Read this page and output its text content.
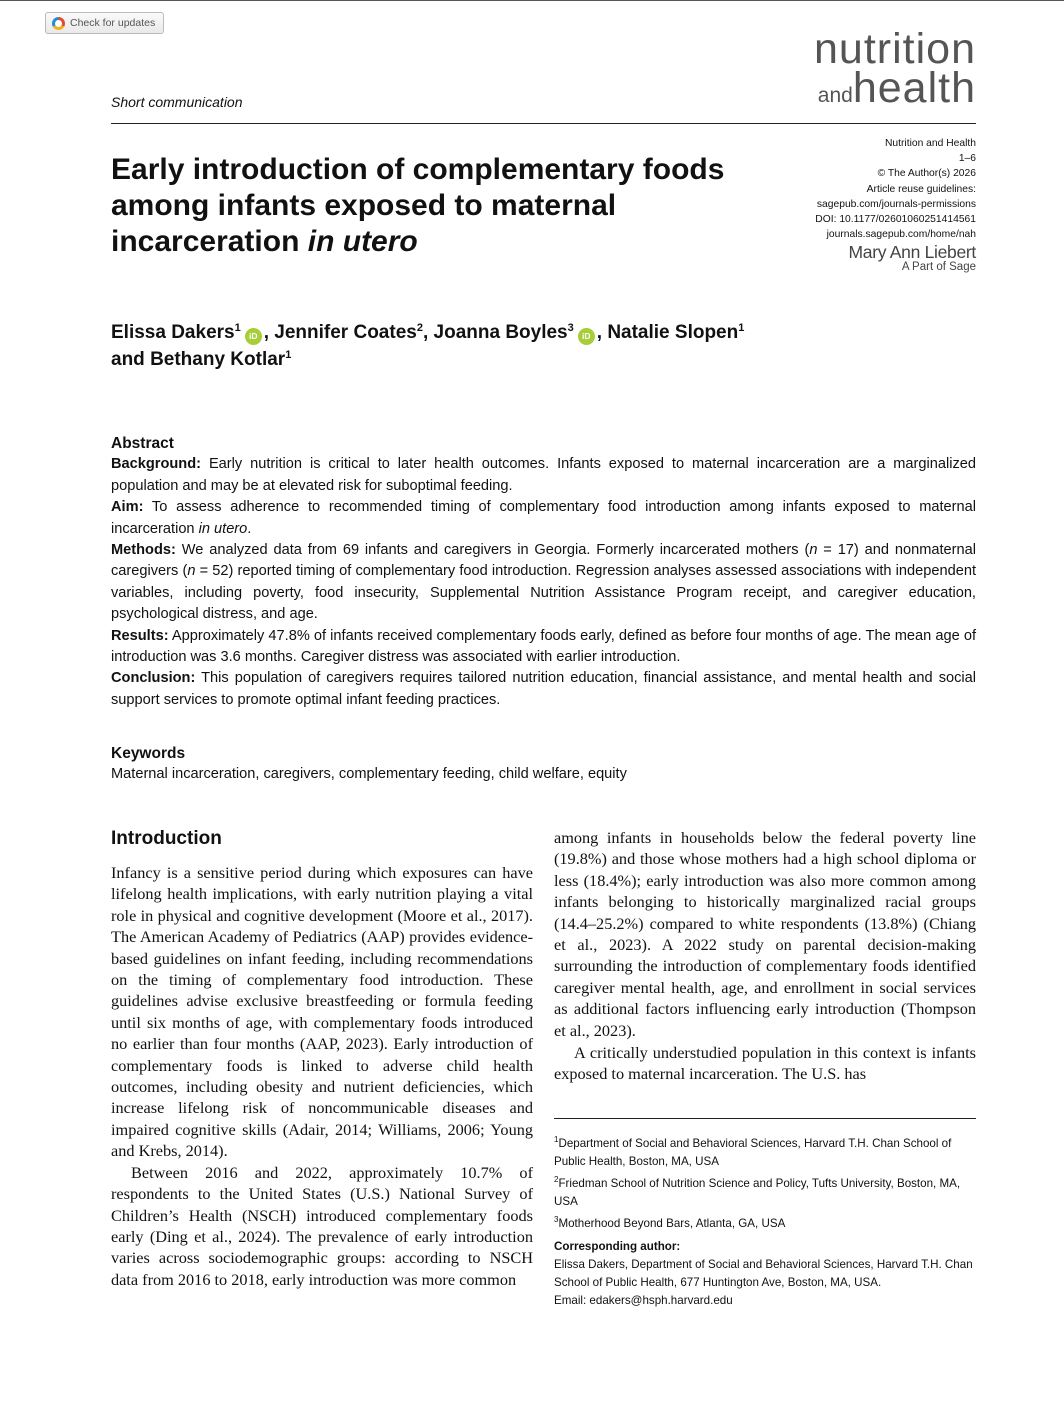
Check for updates
Short communication
nutrition
andhealth
Early introduction of complementary foods among infants exposed to maternal incarceration in utero
Nutrition and Health
1–6
© The Author(s) 2026
Article reuse guidelines:
sagepub.com/journals-permissions
DOI: 10.1177/02601060251414561
journals.sagepub.com/home/nah
Mary Ann Liebert
A Part of Sage
Elissa Dakers$^1$iD , Jennifer Coates$^2$, Joanna Boyles$^3$iD , Natalie Slopen$^1$
and Bethany Kotlar$^1$
Abstract

Background: Early nutrition is critical to later health outcomes. Infants exposed to maternal incarceration are a marginalized population and may be at elevated risk for suboptimal feeding.

Aim: To assess adherence to recommended timing of complementary food introduction among infants exposed to maternal incarceration in utero.

Methods: We analyzed data from 69 infants and caregivers in Georgia. Formerly incarcerated mothers (n = 17) and nonmaternal caregivers (n = 52) reported timing of complementary food introduction. Regression analyses assessed associations with independent variables, including poverty, food insecurity, Supplemental Nutrition Assistance Program receipt, and caregiver education, psychological distress, and age.

Results: Approximately 47.8% of infants received complementary foods early, defined as before four months of age. The mean age of introduction was 3.6 months. Caregiver distress was associated with earlier introduction.

Conclusion: This population of caregivers requires tailored nutrition education, financial assistance, and mental health and social support services to promote optimal infant feeding practices.

Keywords
Maternal incarceration, caregivers, complementary feeding, child welfare, equity
Introduction

Infancy is a sensitive period during which exposures can have lifelong health implications, with early nutrition playing a vital role in physical and cognitive development (Moore et al., 2017). The American Academy of Pediatrics (AAP) provides evidence-based guidelines on infant feeding, including recommendations on the timing of complementary food introduction. These guidelines advise exclusive breastfeeding or formula feeding until six months of age, with complementary foods introduced no earlier than four months (AAP, 2023). Early introduction of complementary foods is linked to adverse child health outcomes, including obesity and nutrient deficiencies, which increase lifelong risk of noncommunicable diseases and impaired cognitive skills (Adair, 2014; Williams, 2006; Young and Krebs, 2014).

Between 2016 and 2022, approximately 10.7% of respondents to the United States (U.S.) National Survey of Children’s Health (NSCH) introduced complementary foods early (Ding et al., 2024). The prevalence of early introduction varies across sociodemographic groups: according to NSCH data from 2016 to 2018, early introduction was more common

among infants in households below the federal poverty line (19.8%) and those whose mothers had a high school diploma or less (18.4%); early introduction was also more common among infants belonging to historically marginalized racial groups (14.4–25.2%) compared to white respondents (13.8%) (Chiang et al., 2023). A 2022 study on parental decision-making surrounding the introduction of complementary foods identified caregiver mental health, age, and enrollment in social services as additional factors influencing early introduction (Thompson et al., 2023).

A critically understudied population in this context is infants exposed to maternal incarceration. The U.S. has

$^1$Department of Social and Behavioral Sciences, Harvard T.H. Chan School of Public Health, Boston, MA, USA

$^2$Friedman School of Nutrition Science and Policy, Tufts University, Boston, MA, USA

$^3$Motherhood Beyond Bars, Atlanta, GA, USA

Corresponding author:

Elissa Dakers, Department of Social and Behavioral Sciences, Harvard T.H. Chan School of Public Health, 677 Huntington Ave, Boston, MA, USA.

Email: edakers@hsph.harvard.edu
